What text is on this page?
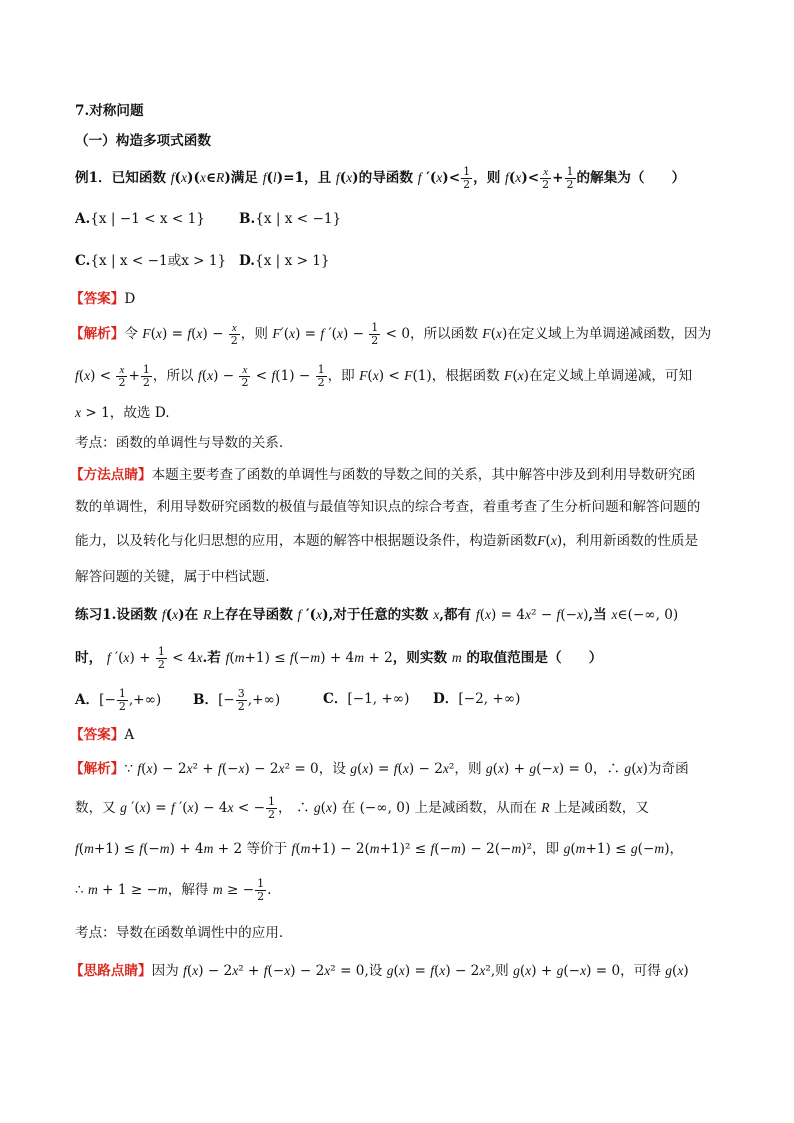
7.对称问题
（一）构造多项式函数
例1．已知函数 f(x)(x∈R)满足 f(l)=1，且 f(x)的导函数 f $'(x)< \frac{1}{2}$ ，则 $f(x)< \frac{x}{2} + \frac{1}{2}$ 的解集为（　　）
A.{x | −1 < x < 1}	B.{x | x < −1}
C.{x | x < −1或x > 1} D.{x | x > 1}
【答案】D
【解析】令 $F(x) = f(x) - \frac{x}{2}$ ，则 F′(x) = f $'(x) - \frac{1}{2} < 0$，所以函数 F(x)在定义域上为单调递减函数，因为
$f(x) < \frac{x}{2} + \frac{1}{2}$ ，所以 $f(x) - \frac{x}{2} < f(1) - \frac{1}{2}$ ，即 F(x) < F(1)，根据函数 F(x)在定义域上单调递减，可知
x > 1，故选 D.
考点：函数的单调性与导数的关系.
【方法点睛】本题主要考查了函数的单调性与函数的导数之间的关系，其中解答中涉及到利用导数研究函
数的单调性，利用导数研究函数的极值与最值等知识点的综合考查，着重考查了生分析问题和解答问题的
能力，以及转化与化归思想的应用，本题的解答中根据题设条件，构造新函数F(x)，利用新函数的性质是
解答问题的关键，属于中档试题.
练习1.设函数 f(x)在 R上存在导函数 f ′(x),对于任意的实数 x,都有 f(x) = 4x² − f(−x),当 x∈(−∞, 0)
时， f $'(x) + \frac{1}{2} < 4x$.若 f(m+1) ≤ f(−m) + 4m + 2，则实数 m 的取值范围是（　　）
A．[− $\frac{1}{2}$ ,+∞) B．[− $\frac{3}{2}$ ,+∞)	C．[−1, +∞) D．[−2, +∞)
【答案】A
【解析】∵ f(x) − 2x² + f(−x) − 2x² = 0，设 g(x) = f(x) − 2x²，则 g(x) + g(−x) = 0，∴ g(x)为奇函
数，又 g ′(x) = f ′(x) − 4x < − $\frac{1}{2}$ ， ∴ g(x) 在 (−∞, 0) 上是减函数，从而在 R 上是减函数，又
f(m+1) ≤ f(−m) + 4m + 2 等价于 f(m+1) − 2(m+1)² ≤ f(−m) − 2(−m)²，即 g(m+1) ≤ g(−m)，
∴ m + 1 ≥ −m，解得 m ≥ − $\frac{1}{2}$ .
考点：导数在函数单调性中的应用.
【思路点睛】因为 f(x) − 2x² + f(−x) − 2x² = 0,设 g(x) = f(x) − 2x²,则 g(x) + g(−x) = 0，可得 g(x)
